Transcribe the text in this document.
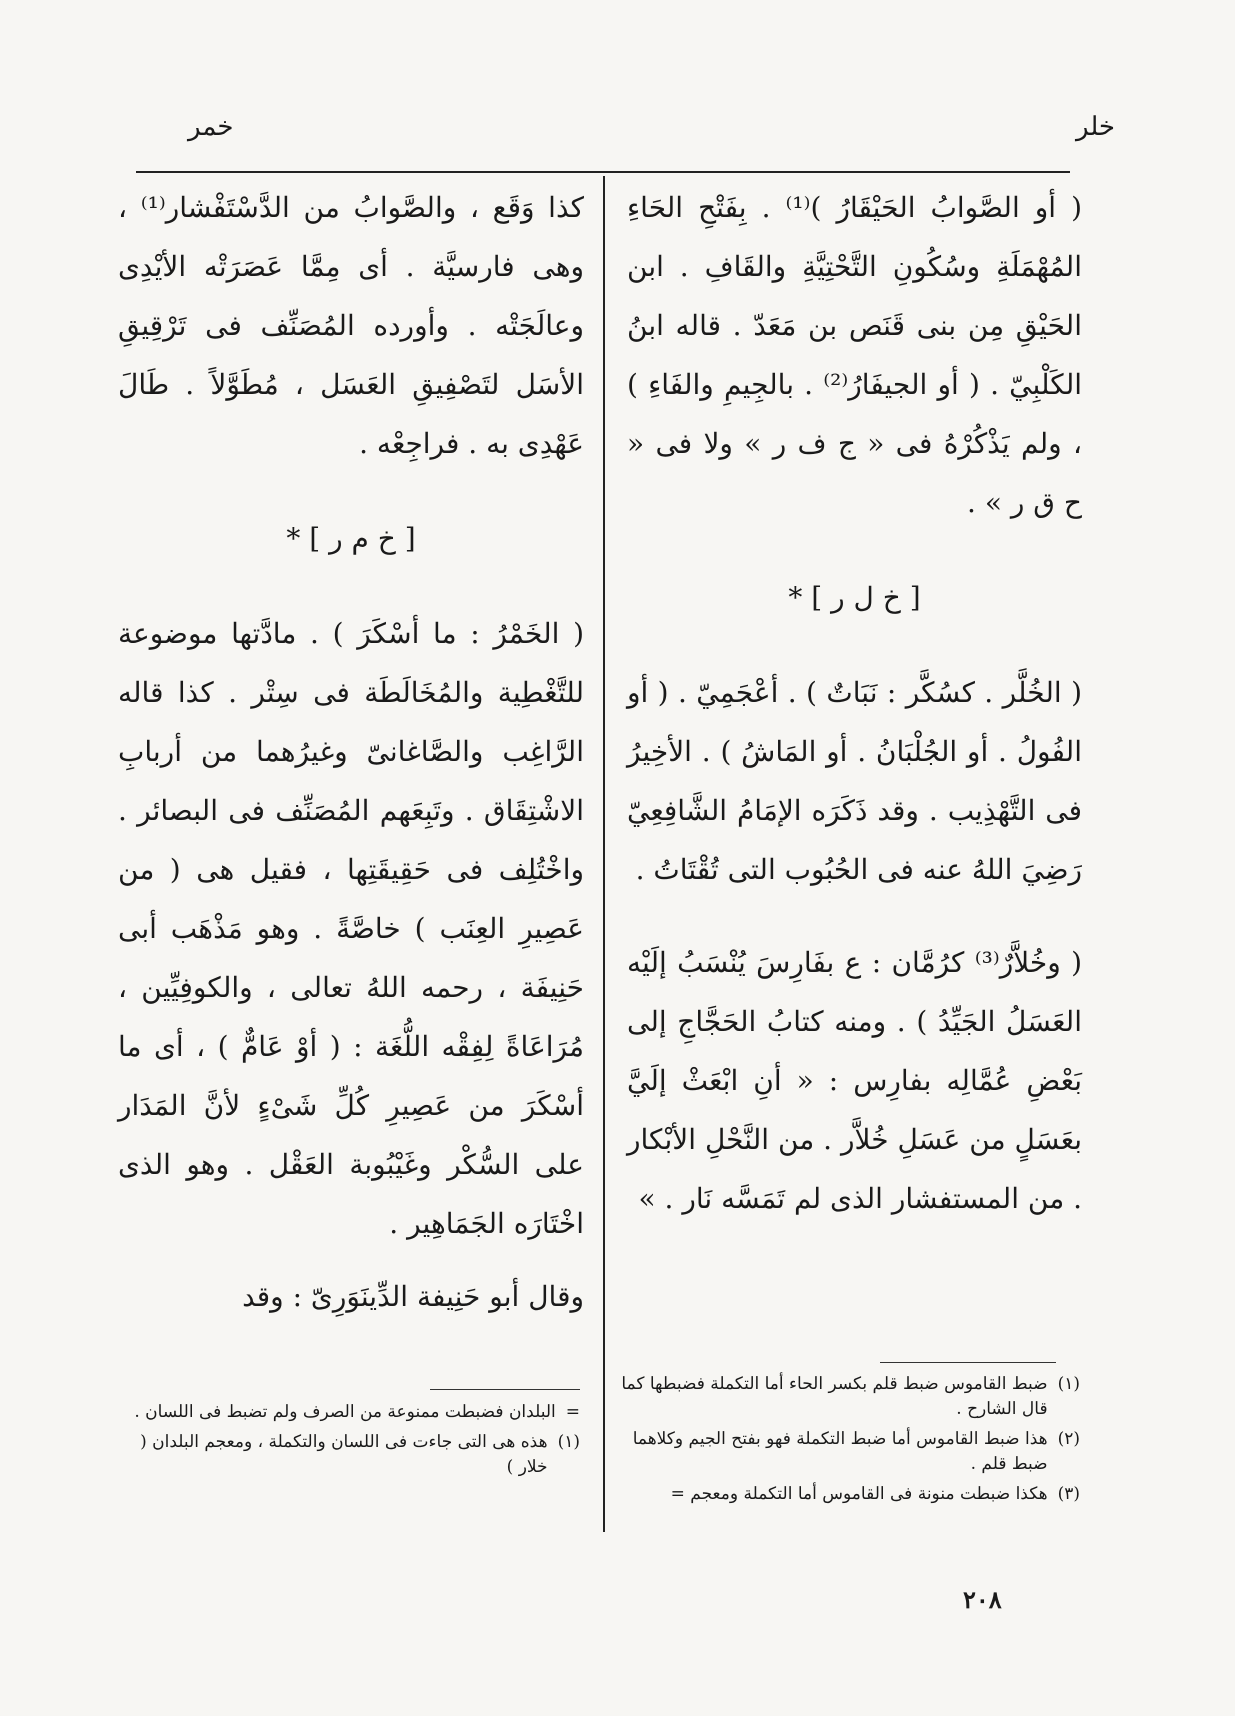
خلر
خمر

( أو الصَّوابُ الحَيْقَارُ )⁽¹⁾ . بِفَتْحِ الحَاءِ المُهْمَلَةِ وسُكُونِ التَّحْتِيَّةِ والقَافِ . ابن الحَيْقِ مِن بنى قَنَص بن مَعَدّ . قاله ابنُ الكَلْبِيّ . ( أو الجيفَارُ⁽²⁾ . بالجِيمِ والفَاءِ ) ، ولم يَذْكُرْهُ فى « ج ف ر » ولا فى « ح ق ر » .

[ خ ل ر ] *

( الخُلَّر . كسُكَّر : نَبَاتٌ ) . أعْجَمِيّ . ( أو الفُولُ . أو الجُلْبَانُ . أو المَاشُ ) . الأخِيرُ فى التَّهْذِيب . وقد ذَكَرَه الإمَامُ الشَّافِعِيّ رَضِيَ اللهُ عنه فى الحُبُوب التى تُقْتَاتُ .

( وخُلاَّرٌ⁽³⁾ كرُمَّان : ع بفَارِسَ يُنْسَبُ إلَيْه العَسَلُ الجَيِّدُ ) . ومنه كتابُ الحَجَّاجِ إلى بَعْضِ عُمَّالِه بفارِس : « أنِ ابْعَثْ إلَيَّ بعَسَلٍ من عَسَلِ خُلاَّر . من النَّحْلِ الأبْكار . من المستفشار الذى لم تَمَسَّه نَار . »

(١)
ضبط القاموس ضبط قلم بكسر الحاء أما التكملة فضبطها كما قال الشارح .
(٢)
هذا ضبط القاموس أما ضبط التكملة فهو بفتح الجيم وكلاهما ضبط قلم .
(٣)
هكذا ضبطت منونة فى القاموس أما التكملة ومعجم =

كذا وَقَع ، والصَّوابُ من الدَّسْتَفْشار⁽¹⁾ ، وهى فارسيَّة . أى مِمَّا عَصَرَتْه الأيْدِى وعالَجَتْه . وأورده المُصَنِّف فى تَرْقِيقِ الأسَل لتَصْفِيقِ العَسَل ، مُطَوَّلاً . طَالَ عَهْدِى به . فراجِعْه .

[ خ م ر ] *

( الخَمْرُ : ما أسْكَرَ ) . مادَّتها موضوعة للتَّغْطِية والمُخَالَطَة فى سِتْر . كذا قاله الرَّاغِب والصَّاغانىّ وغيرُهما من أربابِ الاشْتِقَاق . وتَبِعَهم المُصَنِّف فى البصائر . واخْتُلِف فى حَقِيقَتِها ، فقيل هى ( من عَصِيرِ العِنَب ) خاصَّةً . وهو مَذْهَب أبى حَنِيفَة ، رحمه اللهُ تعالى ، والكوفِيِّين ، مُرَاعَاةً لِفِقْه اللُّغَة : ( أوْ عَامٌّ ) ، أى ما أسْكَرَ من عَصِيرِ كُلِّ شَىْءٍ لأنَّ المَدَار على السُّكْر وغَيْبُوبة العَقْل . وهو الذى اخْتَارَه الجَمَاهِير .

وقال أبو حَنِيفة الدِّينَوَرِىّ : وقد

=
البلدان فضبطت ممنوعة من الصرف ولم تضبط فى اللسان .
(١)
هذه هى التى جاءت فى اللسان والتكملة ، ومعجم البلدان ( خلار )
٢٠٨
